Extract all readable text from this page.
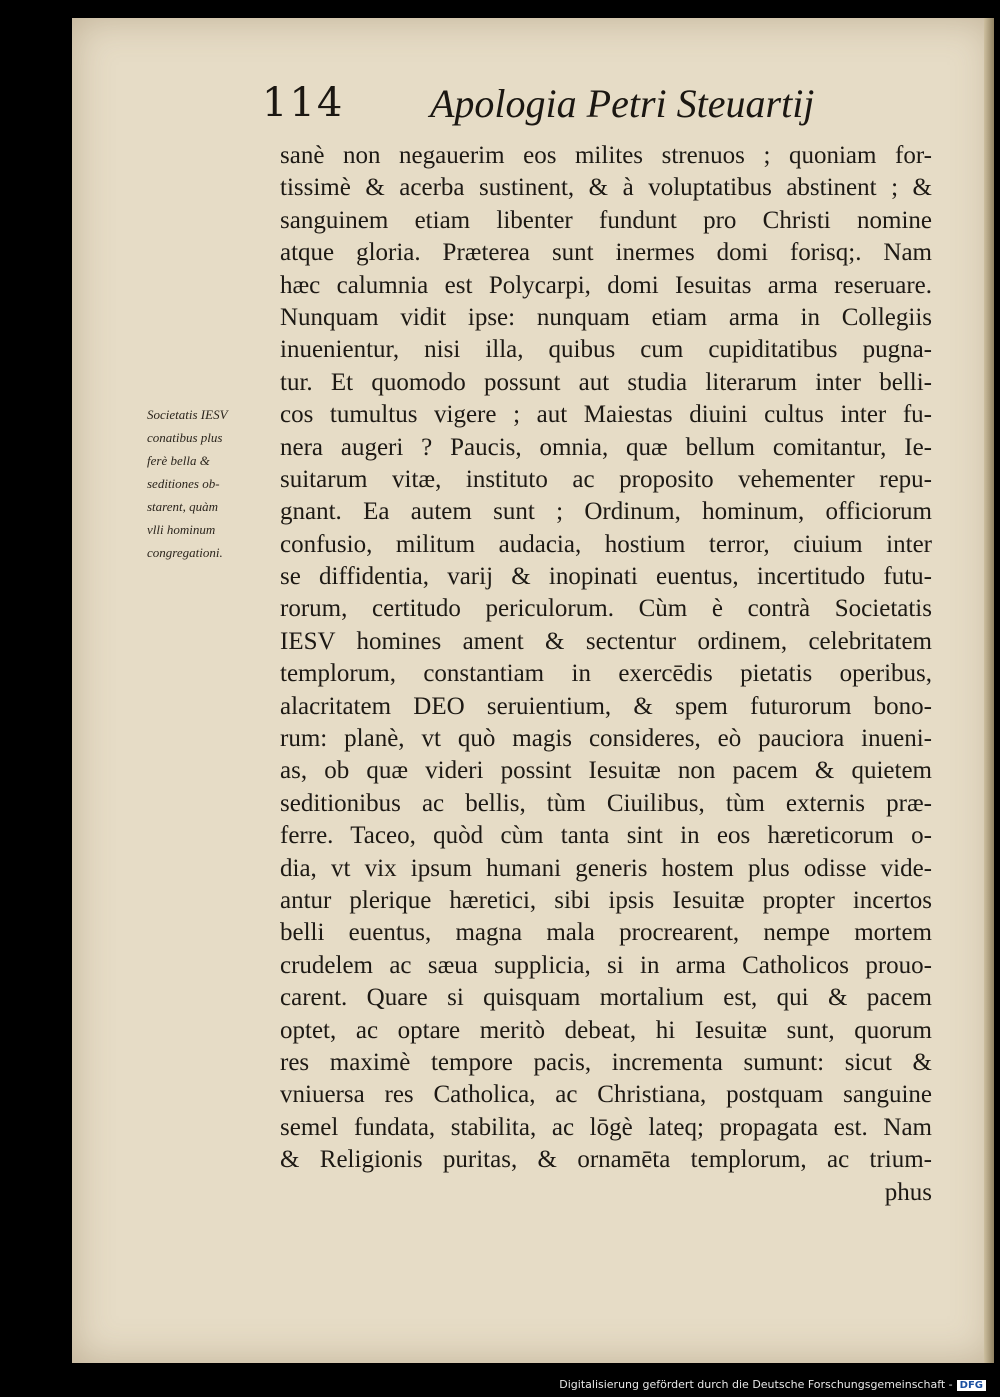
114 Apologia Petri Steuartij
Societatis IESV
conatibus plus
ferè bella &
seditiones ob-
starent, quàm
vlli hominum
congregationi.
sanè non negauerim eos milites strenuos ; quoniam for-
tissimè & acerba sustinent, & à voluptatibus abstinent ; &
sanguinem etiam libenter fundunt pro Christi nomine
atque gloria. Præterea sunt inermes domi forisq;. Nam
hæc calumnia est Polycarpi, domi Iesuitas arma reseruare.
Nunquam vidit ipse: nunquam etiam arma in Collegiis
inuenientur, nisi illa, quibus cum cupiditatibus pugna-
tur. Et quomodo possunt aut studia literarum inter belli-
cos tumultus vigere ; aut Maiestas diuini cultus inter fu-
nera augeri ? Paucis, omnia, quæ bellum comitantur, Ie-
suitarum vitæ, instituto ac proposito vehementer repu-
gnant. Ea autem sunt ; Ordinum, hominum, officiorum
confusio, militum audacia, hostium terror, ciuium inter
se diffidentia, varij & inopinati euentus, incertitudo futu-
rorum, certitudo periculorum. Cùm è contrà Societatis
IESV homines ament & sectentur ordinem, celebritatem
templorum, constantiam in exercēdis pietatis operibus,
alacritatem DEO seruientium, & spem futurorum bono-
rum: planè, vt quò magis consideres, eò pauciora inueni-
as, ob quæ videri possint Iesuitæ non pacem & quietem
seditionibus ac bellis, tùm Ciuilibus, tùm externis præ-
ferre. Taceo, quòd cùm tanta sint in eos hæreticorum o-
dia, vt vix ipsum humani generis hostem plus odisse vide-
antur plerique hæretici, sibi ipsis Iesuitæ propter incertos
belli euentus, magna mala procrearent, nempe mortem
crudelem ac sæua supplicia, si in arma Catholicos prouo-
carent. Quare si quisquam mortalium est, qui & pacem
optet, ac optare meritò debeat, hi Iesuitæ sunt, quorum
res maximè tempore pacis, incrementa sumunt: sicut &
vniuersa res Catholica, ac Christiana, postquam sanguine
semel fundata, stabilita, ac lōgè lateq; propagata est. Nam
& Religionis puritas, & ornamēta templorum, ac trium-
phus
Digitalisierung gefördert durch die Deutsche Forschungsgemeinschaft - DFG
